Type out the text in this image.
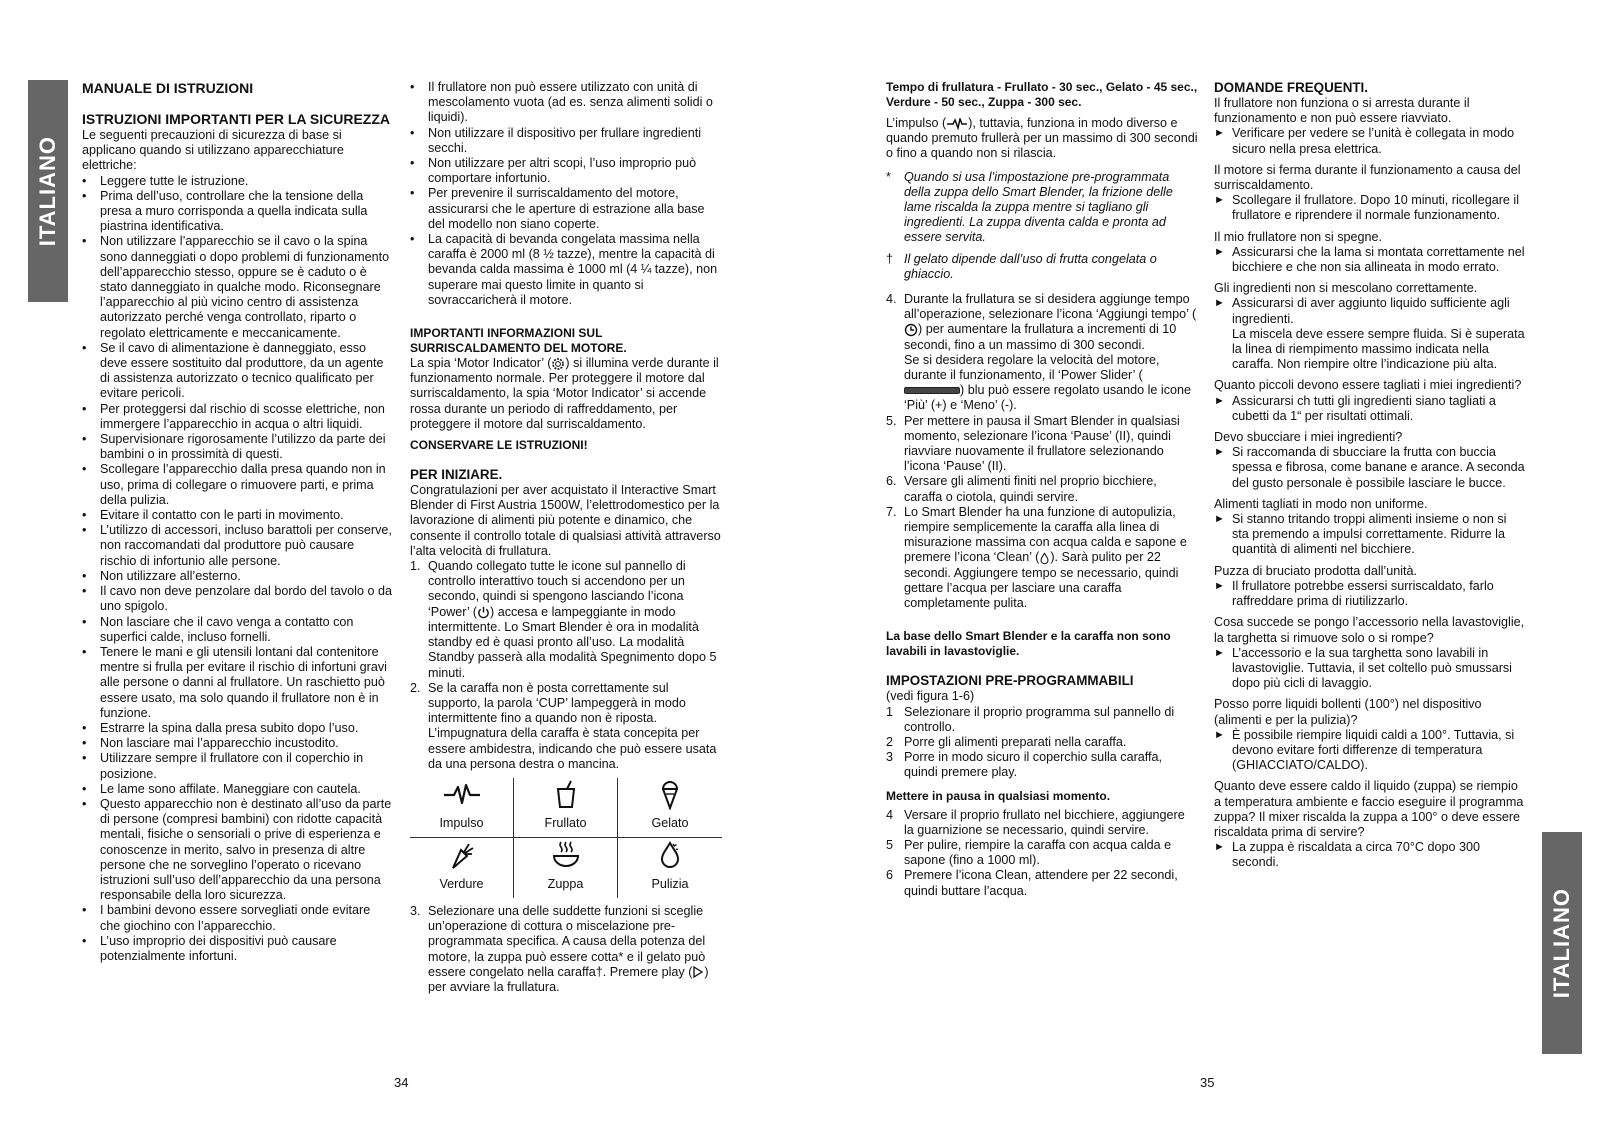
ITALIANO
ITALIANO
MANUALE DI ISTRUZIONI
ISTRUZIONI IMPORTANTI PER LA SICUREZZA
Le seguenti precauzioni di sicurezza di base si applicano quando si utilizzano apparecchiature elettriche:
• Leggere tutte le istruzione.
• Prima dell’uso, controllare che la tensione della presa a muro corrisponda a quella indicata sulla piastrina identificativa.
• Non utilizzare l’apparecchio se il cavo o la spina sono danneggiati o dopo problemi di funzionamento dell’apparecchio stesso, oppure se è caduto o è stato danneggiato in qualche modo. Riconsegnare l’apparecchio al più vicino centro di assistenza autorizzato perché venga controllato, riparto o regolato elettricamente e meccanicamente.
• Se il cavo di alimentazione è danneggiato, esso deve essere sostituito dal produttore, da un agente di assistenza autorizzato o tecnico qualificato per evitare pericoli.
• Per proteggersi dal rischio di scosse elettriche, non immergere l’apparecchio in acqua o altri liquidi.
• Supervisionare rigorosamente l’utilizzo da parte dei bambini o in prossimità di questi.
• Scollegare l’apparecchio dalla presa quando non in uso, prima di collegare o rimuovere parti, e prima della pulizia.
• Evitare il contatto con le parti in movimento.
• L’utilizzo di accessori, incluso barattoli per conserve, non raccomandati dal produttore può causare rischio di infortunio alle persone.
• Non utilizzare all’esterno.
• Il cavo non deve penzolare dal bordo del tavolo o da uno spigolo.
• Non lasciare che il cavo venga a contatto con superfici calde, incluso fornelli.
• Tenere le mani e gli utensili lontani dal contenitore mentre si frulla per evitare il rischio di infortuni gravi alle persone o danni al frullatore. Un raschietto può essere usato, ma solo quando il frullatore non è in funzione.
• Estrarre la spina dalla presa subito dopo l’uso.
• Non lasciare mai l’apparecchio incustodito.
• Utilizzare sempre il frullatore con il coperchio in posizione.
• Le lame sono affilate. Maneggiare con cautela.
• Questo apparecchio non è destinato all’uso da parte di persone (compresi bambini) con ridotte capacità mentali, fisiche o sensoriali o prive di esperienza e conoscenze in merito, salvo in presenza di altre persone che ne sorveglino l’operato o ricevano istruzioni sull’uso dell’apparecchio da una persona responsabile della loro sicurezza.
• I bambini devono essere sorvegliati onde evitare che giochino con l’apparecchio.
• L’uso improprio dei dispositivi può causare potenzialmente infortuni.
• Il frullatore non può essere utilizzato con unità di mescolamento vuota (ad es. senza alimenti solidi o liquidi).
• Non utilizzare il dispositivo per frullare ingredienti secchi.
• Non utilizzare per altri scopi, l’uso improprio può comportare infortunio.
• Per prevenire il surriscaldamento del motore, assicurarsi che le aperture di estrazione alla base del modello non siano coperte.
• La capacità di bevanda congelata massima nella caraffa è 2000 ml (8 ½ tazze), mentre la capacità di bevanda calda massima è 1000 ml (4 ¼ tazze), non superare mai questo limite in quanto si sovraccaricherà il motore.
IMPORTANTI INFORMAZIONI SUL SURRISCALDAMENTO DEL MOTORE.
La spia ‘Motor Indicator’ ( ) si illumina verde durante il funzionamento normale. Per proteggere il motore dal surriscaldamento, la spia ‘Motor Indicator’ si accende rossa durante un periodo di raffreddamento, per proteggere il motore dal surriscaldamento.
CONSERVARE LE ISTRUZIONI!
PER INIZIARE.
Congratulazioni per aver acquistato il Interactive Smart Blender di First Austria 1500W, l’elettrodomestico per la lavorazione di alimenti più potente e dinamico, che consente il controllo totale di qualsiasi attività attraverso l’alta velocità di frullatura.
1. Quando collegato tutte le icone sul pannello di controllo interattivo touch si accendono per un secondo, quindi si spengono lasciando l’icona ‘Power’ ( ) accesa e lampeggiante in modo intermittente. Lo Smart Blender è ora in modalità standby ed è quasi pronto all’uso. La modalità Standby passerà alla modalità Spegnimento dopo 5 minuti.
2. Se la caraffa non è posta correttamente sul supporto, la parola ‘CUP’ lampeggerà in modo intermittente fino a quando non è riposta. L’impugnatura della caraffa è stata concepita per essere ambidestra, indicando che può essere usata da una persona destra o mancina.
Impulso	Frullato	Gelato
Verdure	Zuppa	Pulizia
3. Selezionare una delle suddette funzioni si sceglie un’operazione di cottura o miscelazione pre-programmata specifica. A causa della potenza del motore, la zuppa può essere cotta* e il gelato può essere congelato nella caraffa†. Premere play ( ) per avviare la frullatura.
Tempo di frullatura - Frullato - 30 sec., Gelato - 45 sec., Verdure - 50 sec., Zuppa - 300 sec.
L’impulso ( ), tuttavia, funziona in modo diverso e quando premuto frullerà per un massimo di 300 secondi o fino a quando non si rilascia.
*	Quando si usa l’impostazione pre-programmata della zuppa dello Smart Blender, la frizione delle lame riscalda la zuppa mentre si tagliano gli ingredienti. La zuppa diventa calda e pronta ad essere servita.
† Il gelato dipende dall’uso di frutta congelata o ghiaccio.
4. Durante la frullatura se si desidera aggiunge tempo all’operazione, selezionare l’icona ‘Aggiungi tempo’ () per aumentare la frullatura a incrementi di 10 secondi, fino a un massimo di 300 secondi.
Se si desidera regolare la velocità del motore, durante il funzionamento, il ‘Power Slider’ () blu può essere regolato usando le icone ‘Più’ (+) e ‘Meno’ (-).
5. Per mettere in pausa il Smart Blender in qualsiasi momento, selezionare l’icona ‘Pause’ (II), quindi riavviare nuovamente il frullatore selezionando l’icona ‘Pause’ (II).
6. Versare gli alimenti finiti nel proprio bicchiere, caraffa o ciotola, quindi servire.
7. Lo Smart Blender ha una funzione di autopulizia, riempire semplicemente la caraffa alla linea di misurazione massima con acqua calda e sapone e premere l’icona ‘Clean’ ( ). Sarà pulito per 22 secondi. Aggiungere tempo se necessario, quindi gettare l’acqua per lasciare una caraffa completamente pulita.
La base dello Smart Blender e la caraffa non sono lavabili in lavastoviglie.
IMPOSTAZIONI PRE-PROGRAMMABILI
(vedi figura 1-6)
1 Selezionare il proprio programma sul pannello di controllo.
2 Porre gli alimenti preparati nella caraffa.
3 Porre in modo sicuro il coperchio sulla caraffa, quindi premere play.
Mettere in pausa in qualsiasi momento.
4 Versare il proprio frullato nel bicchiere, aggiungere la guarnizione se necessario, quindi servire.
5 Per pulire, riempire la caraffa con acqua calda e sapone (fino a 1000 ml).
6 Premere l’icona Clean, attendere per 22 secondi, quindi buttare l’acqua.
DOMANDE FREQUENTI.
Il frullatore non funziona o si arresta durante il funzionamento e non può essere riavviato.
► Verificare per vedere se l’unità è collegata in modo sicuro nella presa elettrica.
Il motore si ferma durante il funzionamento a causa del surriscaldamento.
► Scollegare il frullatore. Dopo 10 minuti, ricollegare il frullatore e riprendere il normale funzionamento.
Il mio frullatore non si spegne.
► Assicurarsi che la lama si montata correttamente nel bicchiere e che non sia allineata in modo errato.
Gli ingredienti non si mescolano correttamente.
► Assicurarsi di aver aggiunto liquido sufficiente agli ingredienti.
La miscela deve essere sempre fluida. Si è superata la linea di riempimento massimo indicata nella caraffa. Non riempire oltre l’indicazione più alta.
Quanto piccoli devono essere tagliati i miei ingredienti?
► Assicurarsi ch tutti gli ingredienti siano tagliati a cubetti da 1“ per risultati ottimali.
Devo sbucciare i miei ingredienti?
► Si raccomanda di sbucciare la frutta con buccia spessa e fibrosa, come banane e arance. A seconda del gusto personale è possibile lasciare le bucce.
Alimenti tagliati in modo non uniforme.
► Si stanno tritando troppi alimenti insieme o non si sta premendo a impulsi correttamente. Ridurre la quantità di alimenti nel bicchiere.
Puzza di bruciato prodotta dall’unità.
► Il frullatore potrebbe essersi surriscaldato, farlo raffreddare prima di riutilizzarlo.
Cosa succede se pongo l’accessorio nella lavastoviglie, la targhetta si rimuove solo o si rompe?
► L’accessorio e la sua targhetta sono lavabili in lavastoviglie. Tuttavia, il set coltello può smussarsi dopo più cicli di lavaggio.
Posso porre liquidi bollenti (100°) nel dispositivo (alimenti e per la pulizia)?
► È possibile riempire liquidi caldi a 100°. Tuttavia, si devono evitare forti differenze di temperatura (GHIACCIATO/CALDO).
Quanto deve essere caldo il liquido (zuppa) se riempio a temperatura ambiente e faccio eseguire il programma zuppa? Il mixer riscalda la zuppa a 100° o deve essere riscaldata prima di servire?
► La zuppa è riscaldata a circa 70°C dopo 300 secondi.
34	35
